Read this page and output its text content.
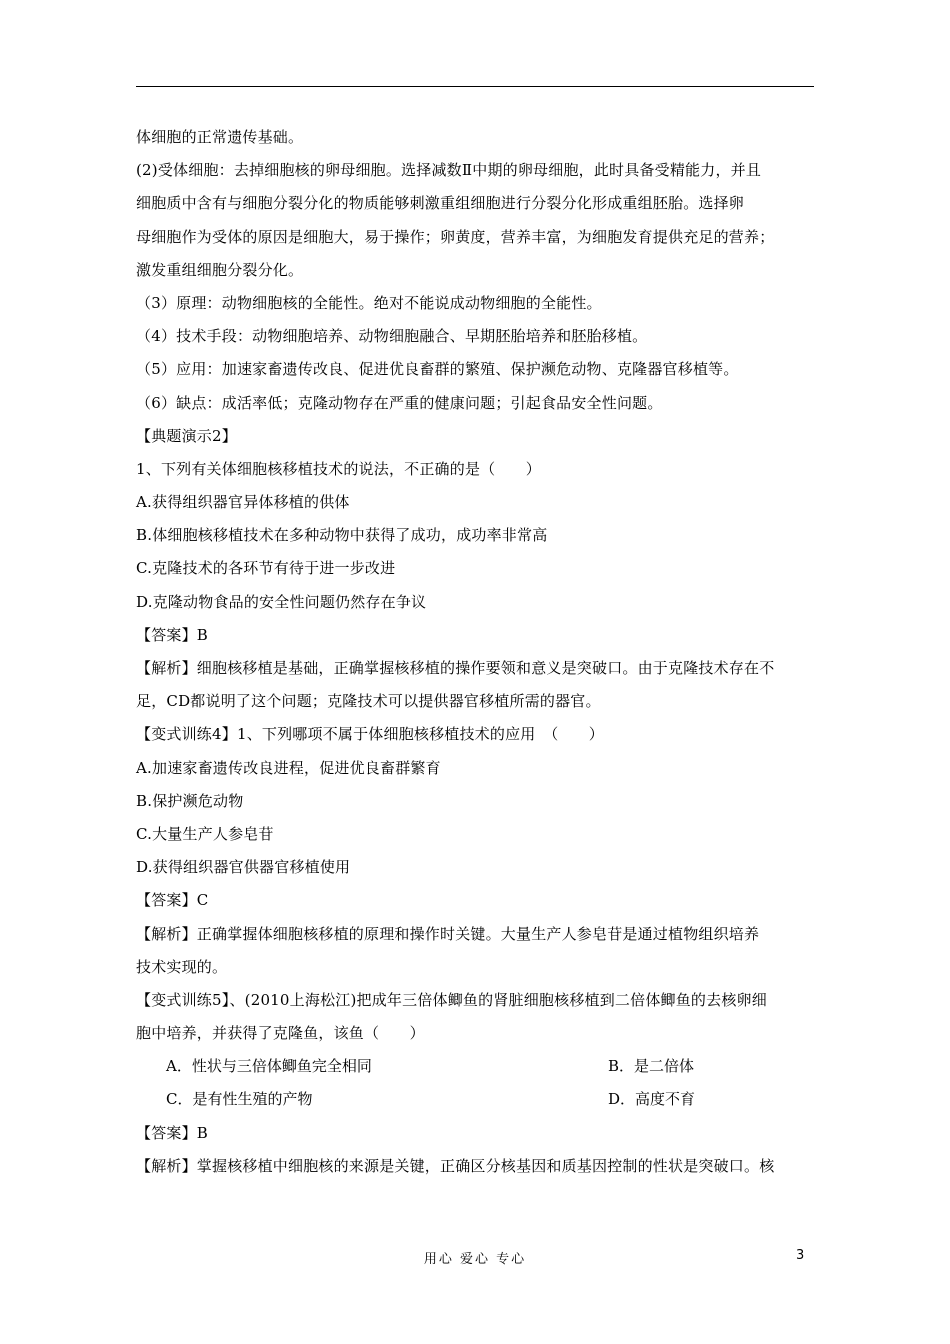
体细胞的正常遗传基础。
(2)受体细胞：去掉细胞核的卵母细胞。选择减数Ⅱ中期的卵母细胞，此时具备受精能力，并且
细胞质中含有与细胞分裂分化的物质能够刺激重组细胞进行分裂分化形成重组胚胎。选择卵
母细胞作为受体的原因是细胞大，易于操作；卵黄度，营养丰富，为细胞发育提供充足的营养；
激发重组细胞分裂分化。
（3）原理：动物细胞核的全能性。绝对不能说成动物细胞的全能性。
（4）技术手段：动物细胞培养、动物细胞融合、早期胚胎培养和胚胎移植。
（5）应用：加速家畜遗传改良、促进优良畜群的繁殖、保护濒危动物、克隆器官移植等。
（6）缺点：成活率低；克隆动物存在严重的健康问题；引起食品安全性问题。
【典题演示2】
1、下列有关体细胞核移植技术的说法，不正确的是（　　）
A.获得组织器官异体移植的供体
B.体细胞核移植技术在多种动物中获得了成功，成功率非常高
C.克隆技术的各环节有待于进一步改进
D.克隆动物食品的安全性问题仍然存在争议
【答案】B
【解析】细胞核移植是基础，正确掌握核移植的操作要领和意义是突破口。由于克隆技术存在不
足，CD都说明了这个问题；克隆技术可以提供器官移植所需的器官。
【变式训练4】1、下列哪项不属于体细胞核移植技术的应用　（　　）
A.加速家畜遗传改良进程，促进优良畜群繁育
B.保护濒危动物
C.大量生产人参皂苷
D.获得组织器官供器官移植使用
【答案】C
【解析】正确掌握体细胞核移植的原理和操作时关键。大量生产人参皂苷是通过植物组织培养
技术实现的。
【变式训练5】、(2010上海松江)把成年三倍体鲫鱼的肾脏细胞核移植到二倍体鲫鱼的去核卵细
胞中培养，并获得了克隆鱼，该鱼（　　）
A．性状与三倍体鲫鱼完全相同	B．是二倍体
C．是有性生殖的产物	D．高度不育
【答案】B
【解析】掌握核移植中细胞核的来源是关键，正确区分核基因和质基因控制的性状是突破口。核
用心 爱心 专心	3
